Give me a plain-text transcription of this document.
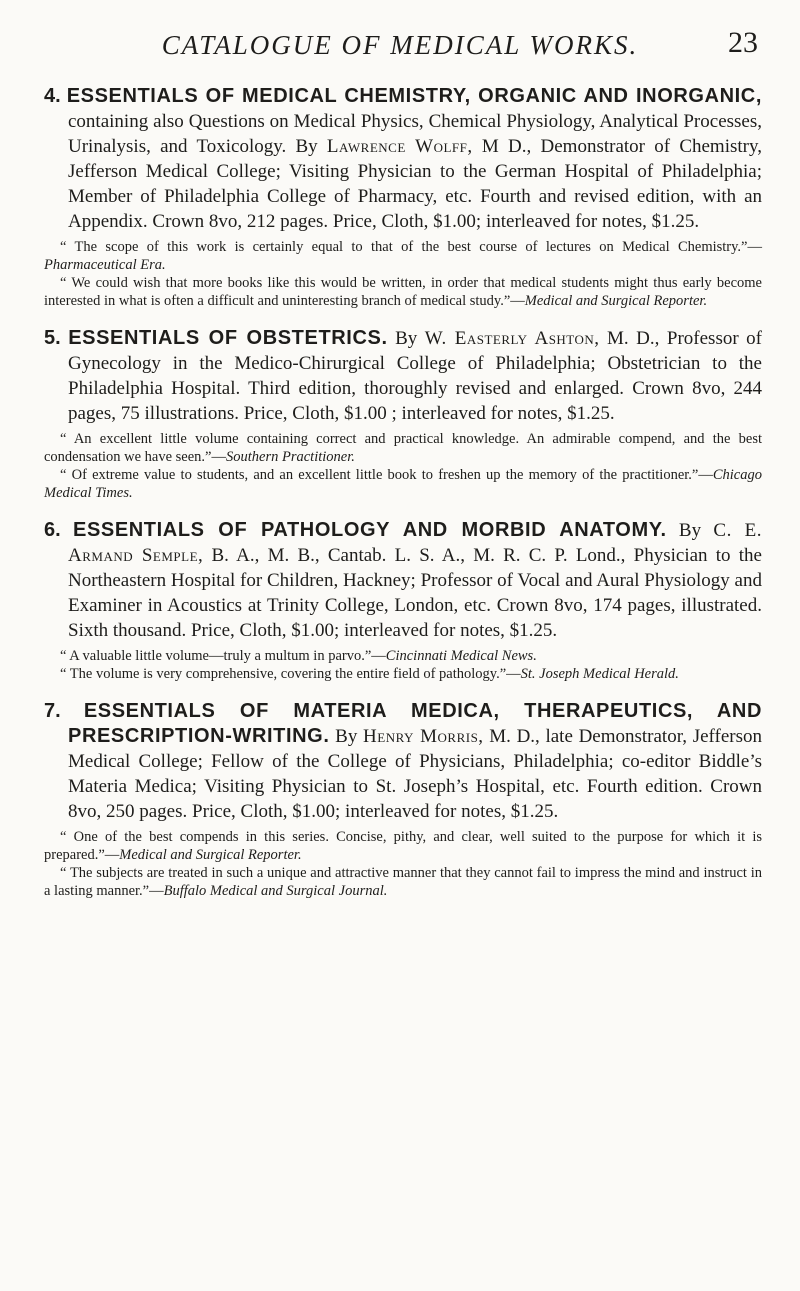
CATALOGUE OF MEDICAL WORKS.	23

4. ESSENTIALS OF MEDICAL CHEMISTRY, ORGANIC AND INORGANIC, containing also Questions on Medical Physics, Chemical Physiology, Analytical Processes, Urinalysis, and Toxicology. By Lawrence Wolff, M D., Demonstrator of Chemistry, Jefferson Medical College; Visiting Physician to the German Hospital of Philadelphia; Member of Philadelphia College of Pharmacy, etc. Fourth and revised edition, with an Appendix. Crown 8vo, 212 pages. Price, Cloth, $1.00; interleaved for notes, $1.25.

“ The scope of this work is certainly equal to that of the best course of lectures on Medical Chemistry.”—Pharmaceutical Era.

“ We could wish that more books like this would be written, in order that medical students might thus early become interested in what is often a difficult and uninteresting branch of medical study.”—Medical and Surgical Reporter.

5. ESSENTIALS OF OBSTETRICS. By W. Easterly Ashton, M. D., Professor of Gynecology in the Medico-Chirurgical College of Philadelphia; Obstetrician to the Philadelphia Hospital. Third edition, thoroughly revised and enlarged. Crown 8vo, 244 pages, 75 illustrations. Price, Cloth, $1.00 ; interleaved for notes, $1.25.

“ An excellent little volume containing correct and practical knowledge. An admirable compend, and the best condensation we have seen.”—Southern Practitioner.

“ Of extreme value to students, and an excellent little book to freshen up the memory of the practitioner.”—Chicago Medical Times.

6. ESSENTIALS OF PATHOLOGY AND MORBID ANATOMY. By C. E. Armand Semple, B. A., M. B., Cantab. L. S. A., M. R. C. P. Lond., Physician to the Northeastern Hospital for Children, Hackney; Professor of Vocal and Aural Physiology and Examiner in Acoustics at Trinity College, London, etc. Crown 8vo, 174 pages, illustrated. Sixth thousand. Price, Cloth, $1.00; interleaved for notes, $1.25.

“ A valuable little volume—truly a multum in parvo.”—Cincinnati Medical News.

“ The volume is very comprehensive, covering the entire field of pathology.”—St. Joseph Medical Herald.

7. ESSENTIALS OF MATERIA MEDICA, THERAPEUTICS, AND PRESCRIPTION-WRITING. By Henry Morris, M. D., late Demonstrator, Jefferson Medical College; Fellow of the College of Physicians, Philadelphia; co-editor Biddle’s Materia Medica; Visiting Physician to St. Joseph’s Hospital, etc. Fourth edition. Crown 8vo, 250 pages. Price, Cloth, $1.00; interleaved for notes, $1.25.

“ One of the best compends in this series. Concise, pithy, and clear, well suited to the purpose for which it is prepared.”—Medical and Surgical Reporter.

“ The subjects are treated in such a unique and attractive manner that they cannot fail to impress the mind and instruct in a lasting manner.”—Buffalo Medical and Surgical Journal.
